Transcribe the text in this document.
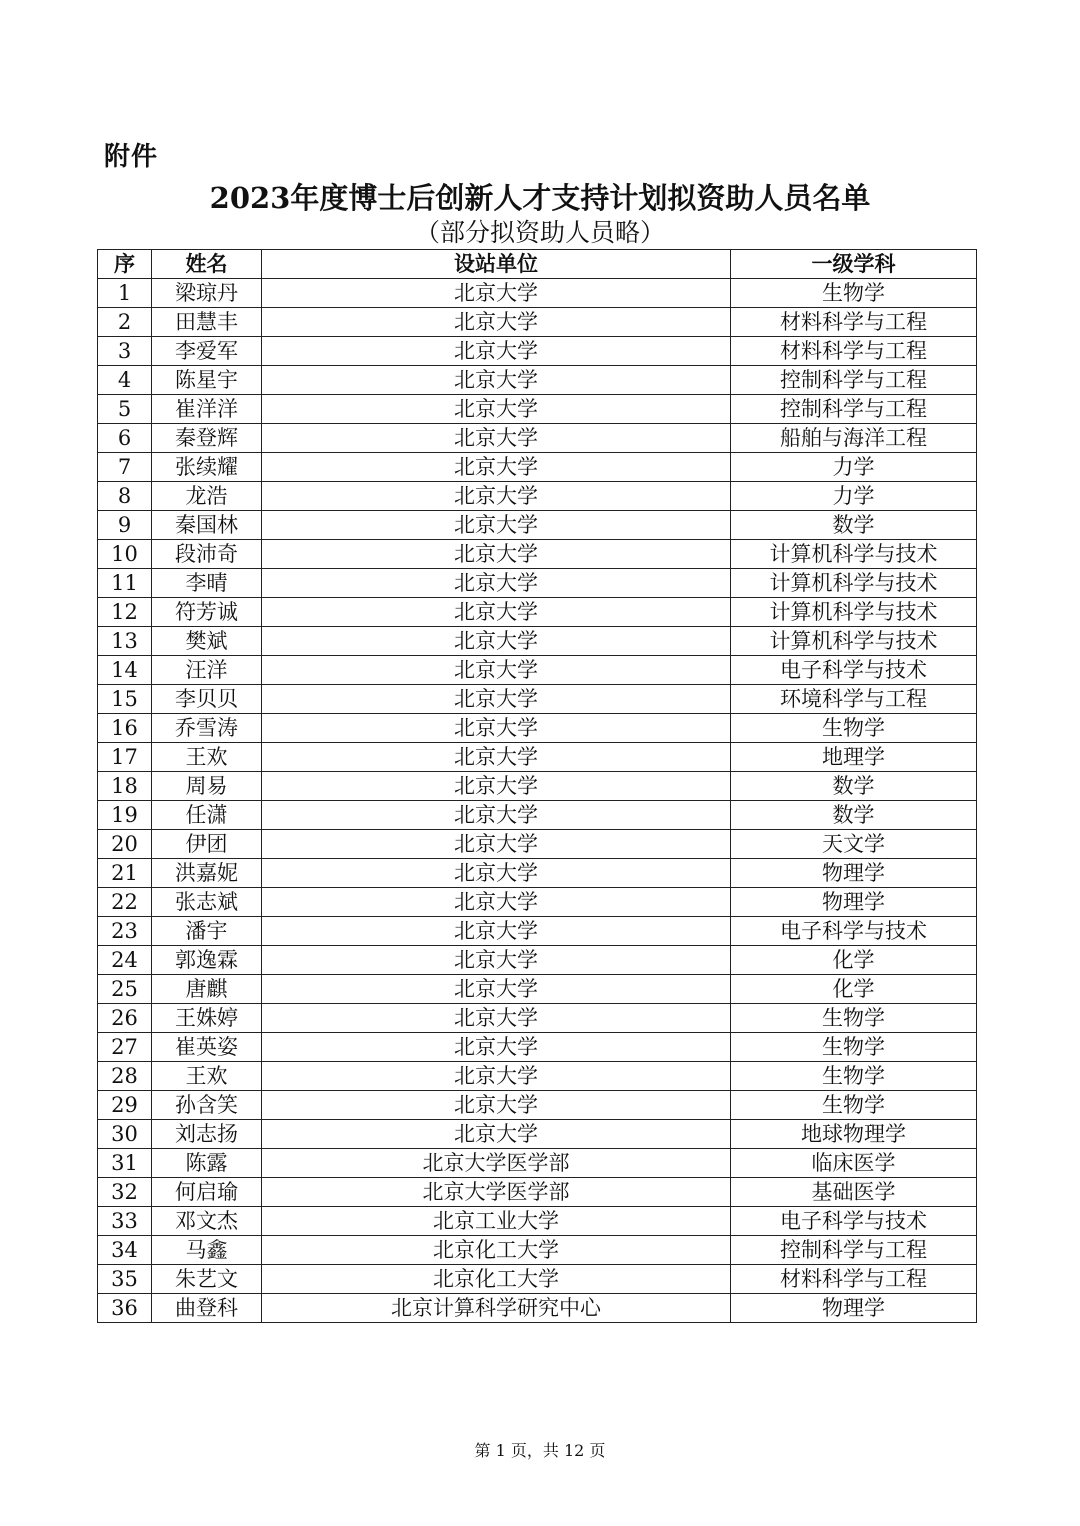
附件
2023年度博士后创新人才支持计划拟资助人员名单
（部分拟资助人员略）
序	姓名	设站单位	一级学科
1	梁琼丹	北京大学	生物学
2	田慧丰	北京大学	材料科学与工程
3	李爱军	北京大学	材料科学与工程
4	陈星宇	北京大学	控制科学与工程
5	崔洋洋	北京大学	控制科学与工程
6	秦登辉	北京大学	船舶与海洋工程
7	张续耀	北京大学	力学
8	龙浩	北京大学	力学
9	秦国林	北京大学	数学
10	段沛奇	北京大学	计算机科学与技术
11	李晴	北京大学	计算机科学与技术
12	符芳诚	北京大学	计算机科学与技术
13	樊斌	北京大学	计算机科学与技术
14	汪洋	北京大学	电子科学与技术
15	李贝贝	北京大学	环境科学与工程
16	乔雪涛	北京大学	生物学
17	王欢	北京大学	地理学
18	周易	北京大学	数学
19	任潇	北京大学	数学
20	伊团	北京大学	天文学
21	洪嘉妮	北京大学	物理学
22	张志斌	北京大学	物理学
23	潘宇	北京大学	电子科学与技术
24	郭逸霖	北京大学	化学
25	唐麒	北京大学	化学
26	王姝婷	北京大学	生物学
27	崔英姿	北京大学	生物学
28	王欢	北京大学	生物学
29	孙含笑	北京大学	生物学
30	刘志扬	北京大学	地球物理学
31	陈露	北京大学医学部	临床医学
32	何启瑜	北京大学医学部	基础医学
33	邓文杰	北京工业大学	电子科学与技术
34	马鑫	北京化工大学	控制科学与工程
35	朱艺文	北京化工大学	材料科学与工程
36	曲登科	北京计算科学研究中心	物理学
第 1 页，共 12 页
